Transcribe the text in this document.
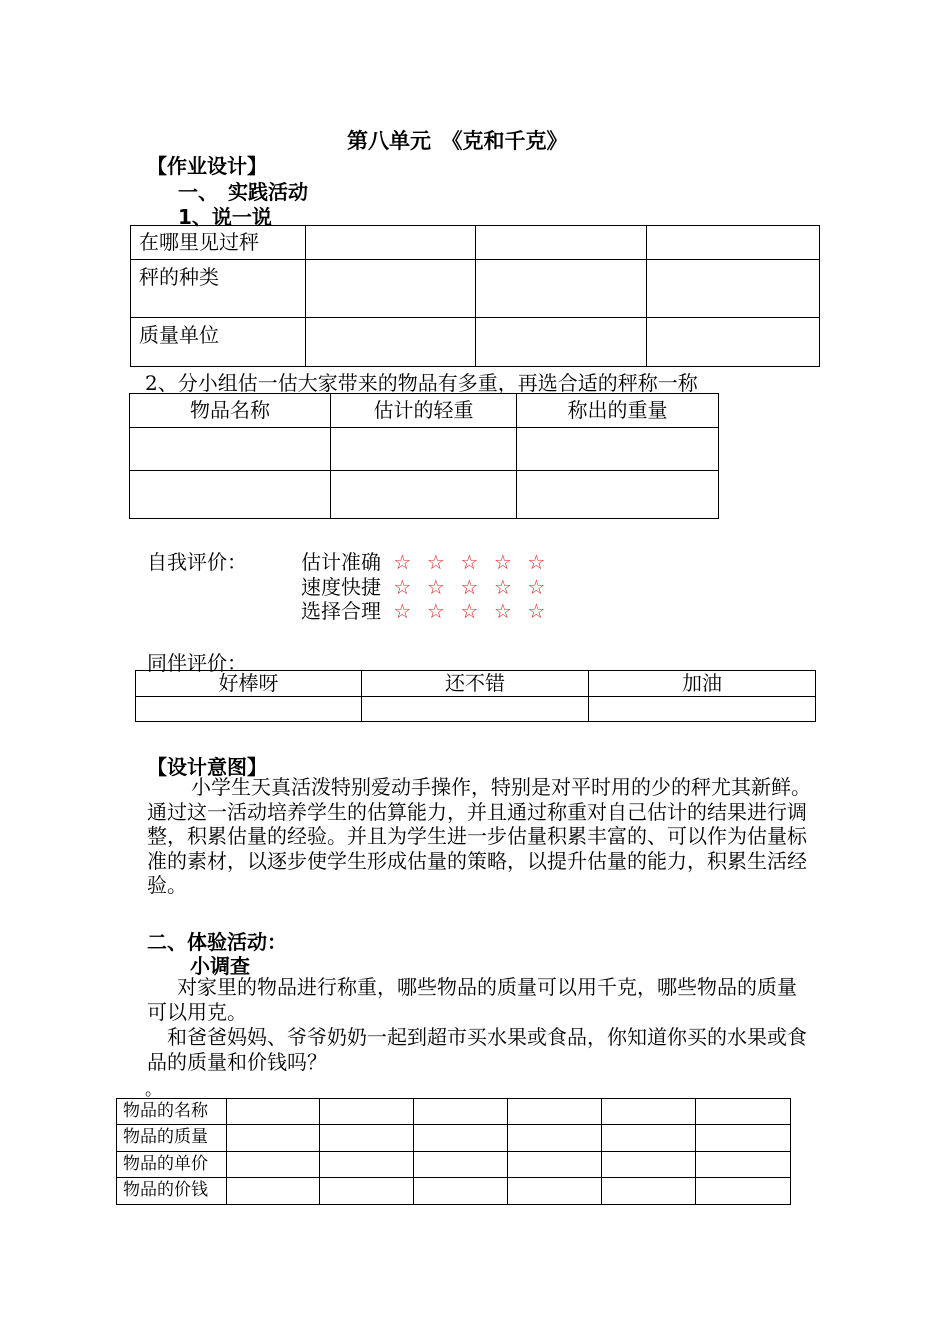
第八单元　《克和千克》
【作业设计】
一、　实践活动
1、说一说
在哪里见过秤			
秤的种类			
质量单位			
2、分小组估一估大家带来的物品有多重，再选合适的秤称一称
物品名称	估计的轻重	称出的重量

自我评价：	估计准确 ☆ ☆ ☆ ☆ ☆
速度快捷 ☆ ☆ ☆ ☆ ☆
选择合理 ☆ ☆ ☆ ☆ ☆
同伴评价：
好棒呀	还不错	加油

【设计意图】
小学生天真活泼特别爱动手操作，特别是对平时用的少的秤尤其新鲜。通过这一活动培养学生的估算能力，并且通过称重对自己估计的结果进行调整，积累估量的经验。并且为学生进一步估量积累丰富的、可以作为估量标准的素材，以逐步使学生形成估量的策略，以提升估量的能力，积累生活经验。
二、体验活动：
小调查
对家里的物品进行称重，哪些物品的质量可以用千克，哪些物品的质量可以用克。
和爸爸妈妈、爷爷奶奶一起到超市买水果或食品，你知道你买的水果或食品的质量和价钱吗？
。
物品的名称						
物品的质量						
物品的单价						
物品的价钱						
